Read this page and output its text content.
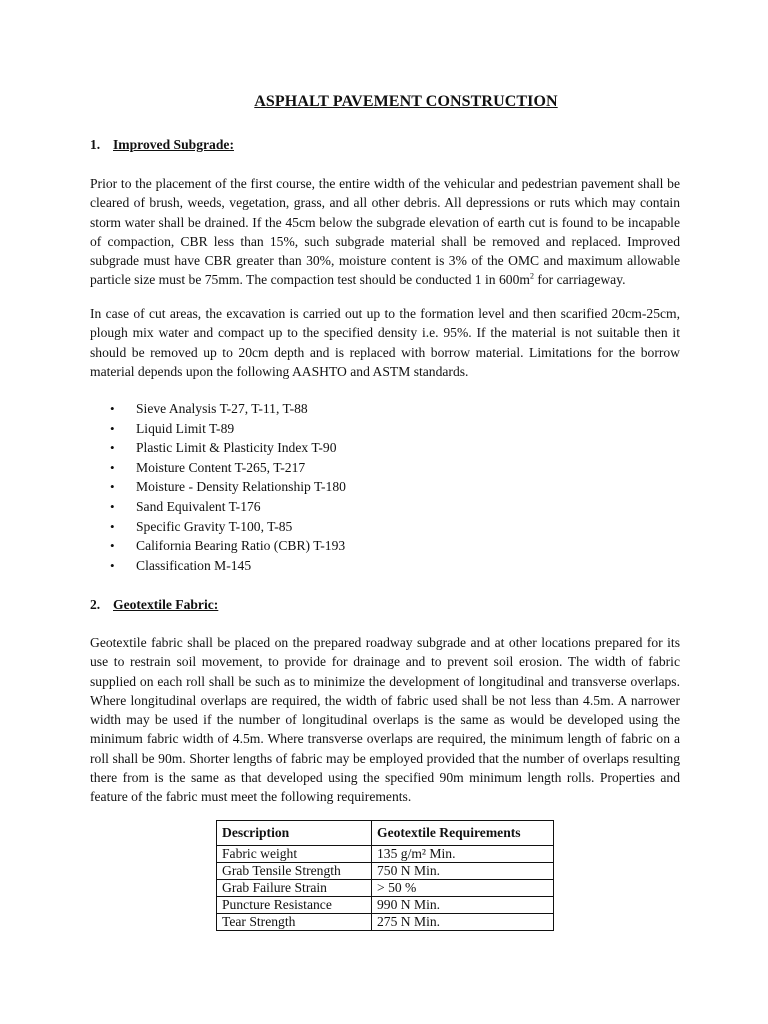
ASPHALT PAVEMENT CONSTRUCTION
1. Improved Subgrade:

Prior to the placement of the first course, the entire width of the vehicular and pedestrian pavement shall be cleared of brush, weeds, vegetation, grass, and all other debris. All depressions or ruts which may contain storm water shall be drained. If the 45cm below the subgrade elevation of earth cut is found to be incapable of compaction, CBR less than 15%, such subgrade material shall be removed and replaced. Improved subgrade must have CBR greater than 30%, moisture content is 3% of the OMC and maximum allowable particle size must be 75mm. The compaction test should be conducted 1 in $600m^2$ for carriageway.

In case of cut areas, the excavation is carried out up to the formation level and then scarified 20cm-25cm, plough mix water and compact up to the specified density i.e. 95%. If the material is not suitable then it should be removed up to 20cm depth and is replaced with borrow material. Limitations for the borrow material depends upon the following AASHTO and ASTM standards.

• Sieve Analysis T-27, T-11, T-88
• Liquid Limit T-89
• Plastic Limit & Plasticity Index T-90
• Moisture Content T-265, T-217
• Moisture - Density Relationship T-180
• Sand Equivalent T-176
• Specific Gravity T-100, T-85
• California Bearing Ratio (CBR) T-193
• Classification M-145
2. Geotextile Fabric:

Geotextile fabric shall be placed on the prepared roadway subgrade and at other locations prepared for its use to restrain soil movement, to provide for drainage and to prevent soil erosion. The width of fabric supplied on each roll shall be such as to minimize the development of longitudinal and transverse overlaps. Where longitudinal overlaps are required, the width of fabric used shall be not less than 4.5m. A narrower width may be used if the number of longitudinal overlaps is the same as would be developed using the minimum fabric width of 4.5m. Where transverse overlaps are required, the minimum length of fabric on a roll shall be 90m. Shorter lengths of fabric may be employed provided that the number of overlaps resulting there from is the same as that developed using the specified 90m minimum length rolls. Properties and feature of the fabric must meet the following requirements.

Description	Geotextile Requirements
Fabric weight	135 g/m² Min.
Grab Tensile Strength	750 N Min.
Grab Failure Strain	> 50 %
Puncture Resistance	990 N Min.
Tear Strength	275 N Min.
